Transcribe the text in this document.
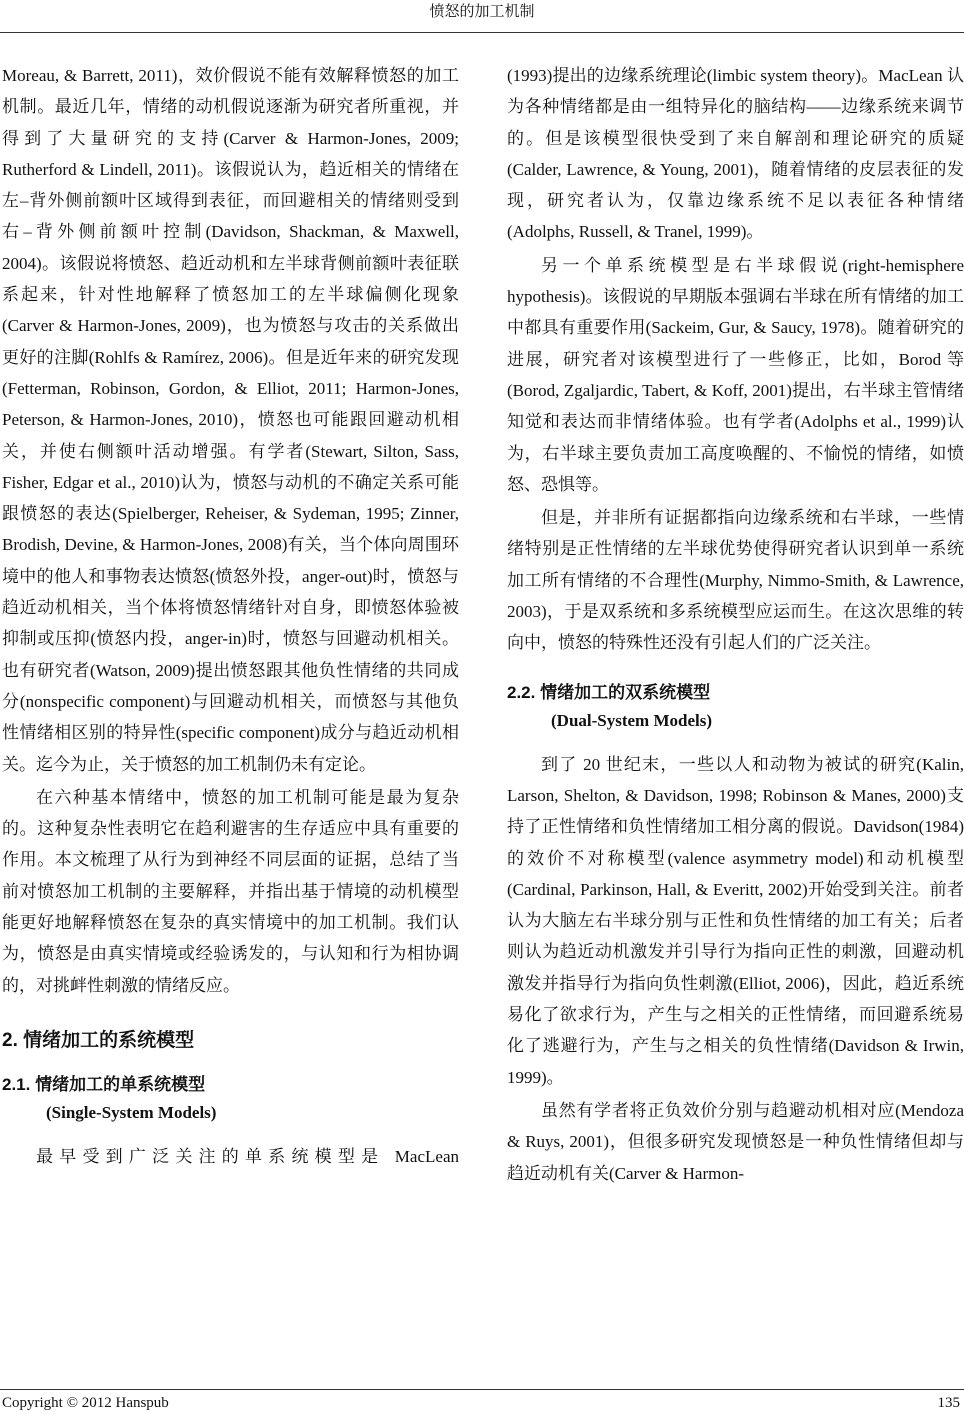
愤怒的加工机制

Moreau, & Barrett, 2011)，效价假说不能有效解释愤怒的加工机制。最近几年，情绪的动机假说逐渐为研究者所重视，并得到了大量研究的支持(Carver & Harmon-Jones, 2009; Rutherford & Lindell, 2011)。该假说认为，趋近相关的情绪在左–背外侧前额叶区域得到表征，而回避相关的情绪则受到右–背外侧前额叶控制(Davidson, Shackman, & Maxwell, 2004)。该假说将愤怒、趋近动机和左半球背侧前额叶表征联系起来，针对性地解释了愤怒加工的左半球偏侧化现象(Carver & Harmon-Jones, 2009)，也为愤怒与攻击的关系做出更好的注脚(Rohlfs & Ramírez, 2006)。但是近年来的研究发现(Fetterman, Robinson, Gordon, & Elliot, 2011; Harmon-Jones, Peterson, & Harmon-Jones, 2010)，愤怒也可能跟回避动机相关，并使右侧额叶活动增强。有学者(Stewart, Silton, Sass, Fisher, Edgar et al., 2010)认为，愤怒与动机的不确定关系可能跟愤怒的表达(Spielberger, Reheiser, & Sydeman, 1995; Zinner, Brodish, Devine, & Harmon-Jones, 2008)有关，当个体向周围环境中的他人和事物表达愤怒(愤怒外投，anger-out)时，愤怒与趋近动机相关，当个体将愤怒情绪针对自身，即愤怒体验被抑制或压抑(愤怒内投，anger-in)时，愤怒与回避动机相关。也有研究者(Watson, 2009)提出愤怒跟其他负性情绪的共同成分(nonspecific component)与回避动机相关，而愤怒与其他负性情绪相区别的特异性(specific component)成分与趋近动机相关。迄今为止，关于愤怒的加工机制仍未有定论。

在六种基本情绪中，愤怒的加工机制可能是最为复杂的。这种复杂性表明它在趋利避害的生存适应中具有重要的作用。本文梳理了从行为到神经不同层面的证据，总结了当前对愤怒加工机制的主要解释，并指出基于情境的动机模型能更好地解释愤怒在复杂的真实情境中的加工机制。我们认为，愤怒是由真实情境或经验诱发的，与认知和行为相协调的，对挑衅性刺激的情绪反应。

2. 情绪加工的系统模型
2.1. 情绪加工的单系统模型
(Single-System Models)

最早受到广泛关注的单系统模型是 MacLean

(1993)提出的边缘系统理论(limbic system theory)。MacLean 认为各种情绪都是由一组特异化的脑结构——边缘系统来调节的。但是该模型很快受到了来自解剖和理论研究的质疑(Calder, Lawrence, & Young, 2001)，随着情绪的皮层表征的发现，研究者认为，仅靠边缘系统不足以表征各种情绪(Adolphs, Russell, & Tranel, 1999)。

另一个单系统模型是右半球假说(right-hemisphere hypothesis)。该假说的早期版本强调右半球在所有情绪的加工中都具有重要作用(Sackeim, Gur, & Saucy, 1978)。随着研究的进展，研究者对该模型进行了一些修正，比如，Borod 等(Borod, Zgaljardic, Tabert, & Koff, 2001)提出，右半球主管情绪知觉和表达而非情绪体验。也有学者(Adolphs et al., 1999)认为，右半球主要负责加工高度唤醒的、不愉悦的情绪，如愤怒、恐惧等。

但是，并非所有证据都指向边缘系统和右半球，一些情绪特别是正性情绪的左半球优势使得研究者认识到单一系统加工所有情绪的不合理性(Murphy, Nimmo-Smith, & Lawrence, 2003)，于是双系统和多系统模型应运而生。在这次思维的转向中，愤怒的特殊性还没有引起人们的广泛关注。

2.2. 情绪加工的双系统模型
(Dual-System Models)

到了 20 世纪末，一些以人和动物为被试的研究(Kalin, Larson, Shelton, & Davidson, 1998; Robinson & Manes, 2000)支持了正性情绪和负性情绪加工相分离的假说。Davidson(1984)的效价不对称模型(valence asymmetry model)和动机模型(Cardinal, Parkinson, Hall, & Everitt, 2002)开始受到关注。前者认为大脑左右半球分别与正性和负性情绪的加工有关；后者则认为趋近动机激发并引导行为指向正性的刺激，回避动机激发并指导行为指向负性刺激(Elliot, 2006)，因此，趋近系统易化了欲求行为，产生与之相关的正性情绪，而回避系统易化了逃避行为，产生与之相关的负性情绪(Davidson & Irwin, 1999)。

虽然有学者将正负效价分别与趋避动机相对应(Mendoza & Ruys, 2001)，但很多研究发现愤怒是一种负性情绪但却与趋近动机有关(Carver & Harmon-

Copyright © 2012 Hanspub	135
